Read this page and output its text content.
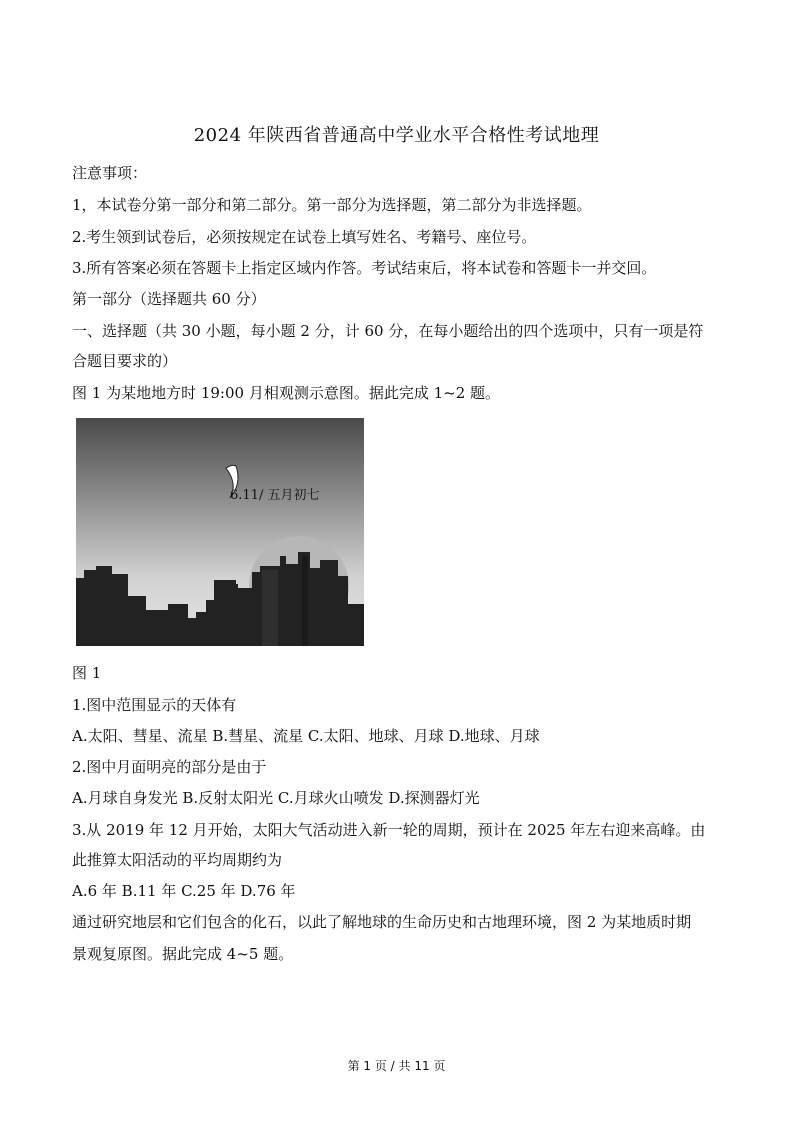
2024 年陕西省普通高中学业水平合格性考试地理
注意事项：
1，本试卷分第一部分和第二部分。第一部分为选择题，第二部分为非选择题。
2.考生领到试卷后，必须按规定在试卷上填写姓名、考籍号、座位号。
3.所有答案必须在答题卡上指定区域内作答。考试结束后，将本试卷和答题卡一并交回。
第一部分（选择题共 60 分）
一、选择题（共 30 小题，每小题 2 分，计 60 分，在每小题给出的四个选项中，只有一项是符
合题目要求的）
图 1 为某地地方时 19:00 月相观测示意图。据此完成 1~2 题。
6.11/ 五月初七
图 1
1.图中范围显示的天体有
A.太阳、彗星、流星 B.彗星、流星 C.太阳、地球、月球 D.地球、月球
2.图中月面明亮的部分是由于
A.月球自身发光 B.反射太阳光 C.月球火山喷发 D.探测器灯光
3.从 2019 年 12 月开始，太阳大气活动进入新一轮的周期，预计在 2025 年左右迎来高峰。由
此推算太阳活动的平均周期约为
A.6 年 B.11 年 C.25 年 D.76 年
通过研究地层和它们包含的化石，以此了解地球的生命历史和古地理环境，图 2 为某地质时期
景观复原图。据此完成 4~5 题。
第 1 页 / 共 11 页
